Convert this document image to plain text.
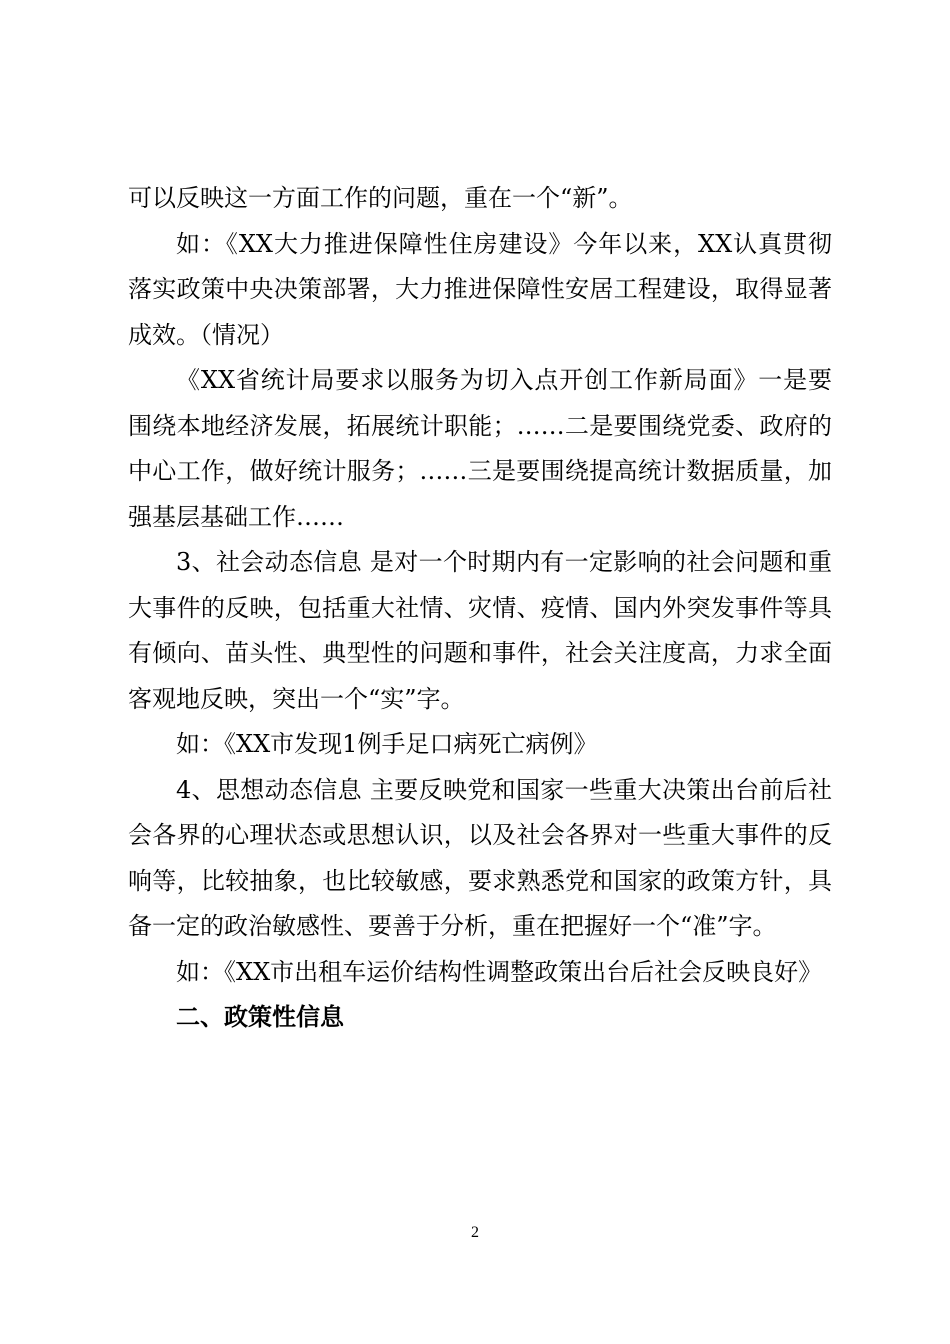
可以反映这一方面工作的问题，重在一个“新”。

如：《XX大力推进保障性住房建设》今年以来，XX认真贯彻落实政策中央决策部署，大力推进保障性安居工程建设，取得显著成效。（情况）

《XX省统计局要求以服务为切入点开创工作新局面》一是要围绕本地经济发展，拓展统计职能；……二是要围绕党委、政府的中心工作，做好统计服务；……三是要围绕提高统计数据质量，加强基层基础工作……

3、社会动态信息 是对一个时期内有一定影响的社会问题和重大事件的反映，包括重大社情、灾情、疫情、国内外突发事件等具有倾向、苗头性、典型性的问题和事件，社会关注度高，力求全面客观地反映，突出一个“实”字。

如：《XX市发现1例手足口病死亡病例》

4、思想动态信息 主要反映党和国家一些重大决策出台前后社会各界的心理状态或思想认识，以及社会各界对一些重大事件的反响等，比较抽象，也比较敏感，要求熟悉党和国家的政策方针，具备一定的政治敏感性、要善于分析，重在把握好一个“准”字。

如：《XX市出租车运价结构性调整政策出台后社会反映良好》

二、政策性信息

2
